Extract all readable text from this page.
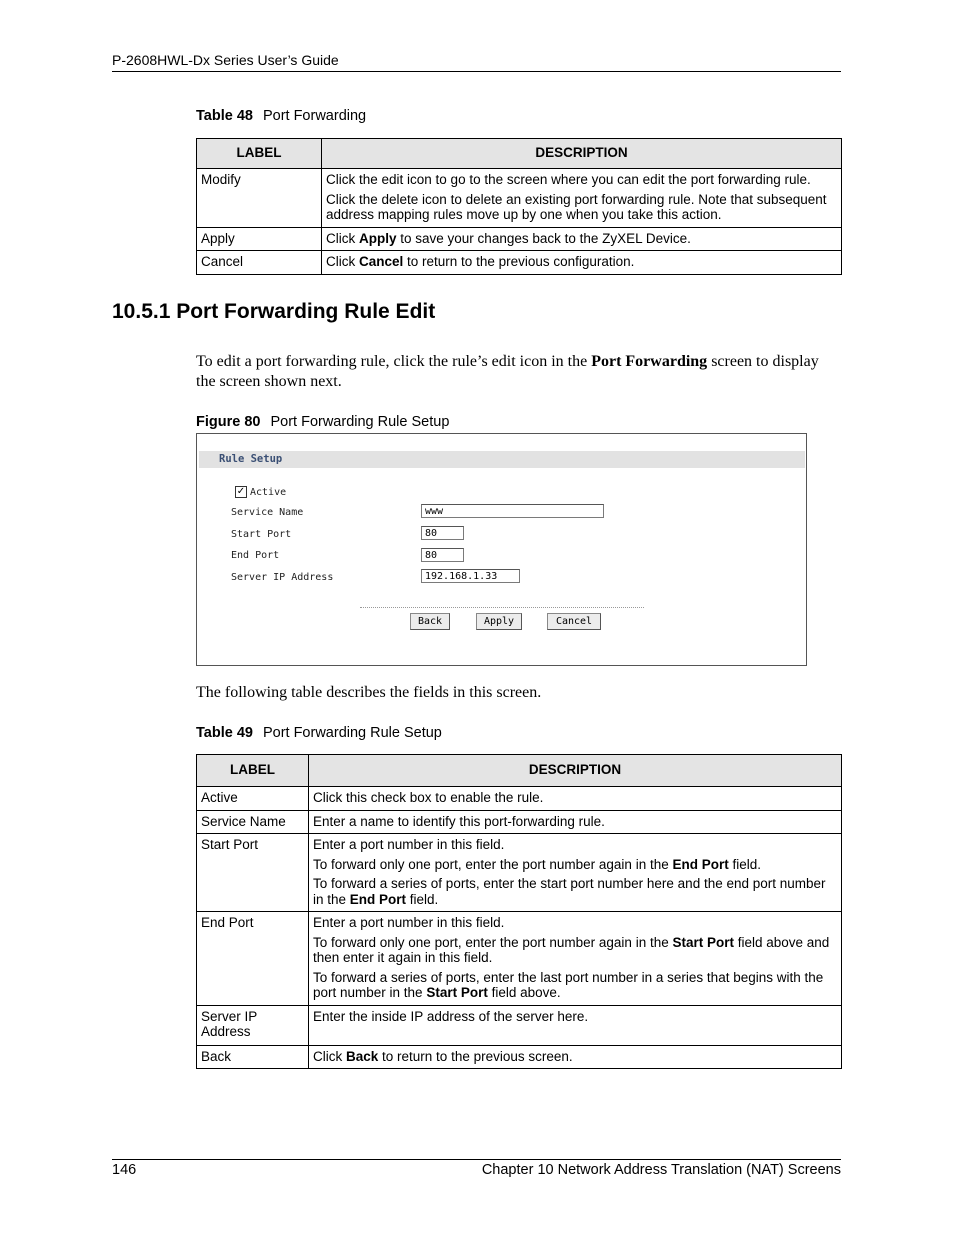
P-2608HWL-Dx Series User’s Guide
Table 48 Port Forwarding
LABEL	DESCRIPTION
Modify	Click the edit icon to go to the screen where you can edit the port forwarding rule.

Click the delete icon to delete an existing port forwarding rule. Note that subsequent address mapping rules move up by one when you take this action.

Apply	Click Apply to save your changes back to the ZyXEL Device.
Cancel	Click Cancel to return to the previous configuration.
10.5.1 Port Forwarding Rule Edit
To edit a port forwarding rule, click the rule’s edit icon in the Port Forwarding screen to display the screen shown next.
Figure 80 Port Forwarding Rule Setup
Rule Setup
✓ Active
Service Name	www
Start Port	80
End Port	80
Server IP Address	192.168.1.33
Back	Apply	Cancel
The following table describes the fields in this screen.
Table 49 Port Forwarding Rule Setup
LABEL	DESCRIPTION
Active	Click this check box to enable the rule.
Service Name	Enter a name to identify this port-forwarding rule.
Start Port	Enter a port number in this field.

To forward only one port, enter the port number again in the End Port field.

To forward a series of ports, enter the start port number here and the end port number in the End Port field.

End Port	Enter a port number in this field.

To forward only one port, enter the port number again in the Start Port field above and then enter it again in this field.

To forward a series of ports, enter the last port number in a series that begins with the port number in the Start Port field above.

Server IP Address	Enter the inside IP address of the server here.
Back	Click Back to return to the previous screen.
146	Chapter 10 Network Address Translation (NAT) Screens
